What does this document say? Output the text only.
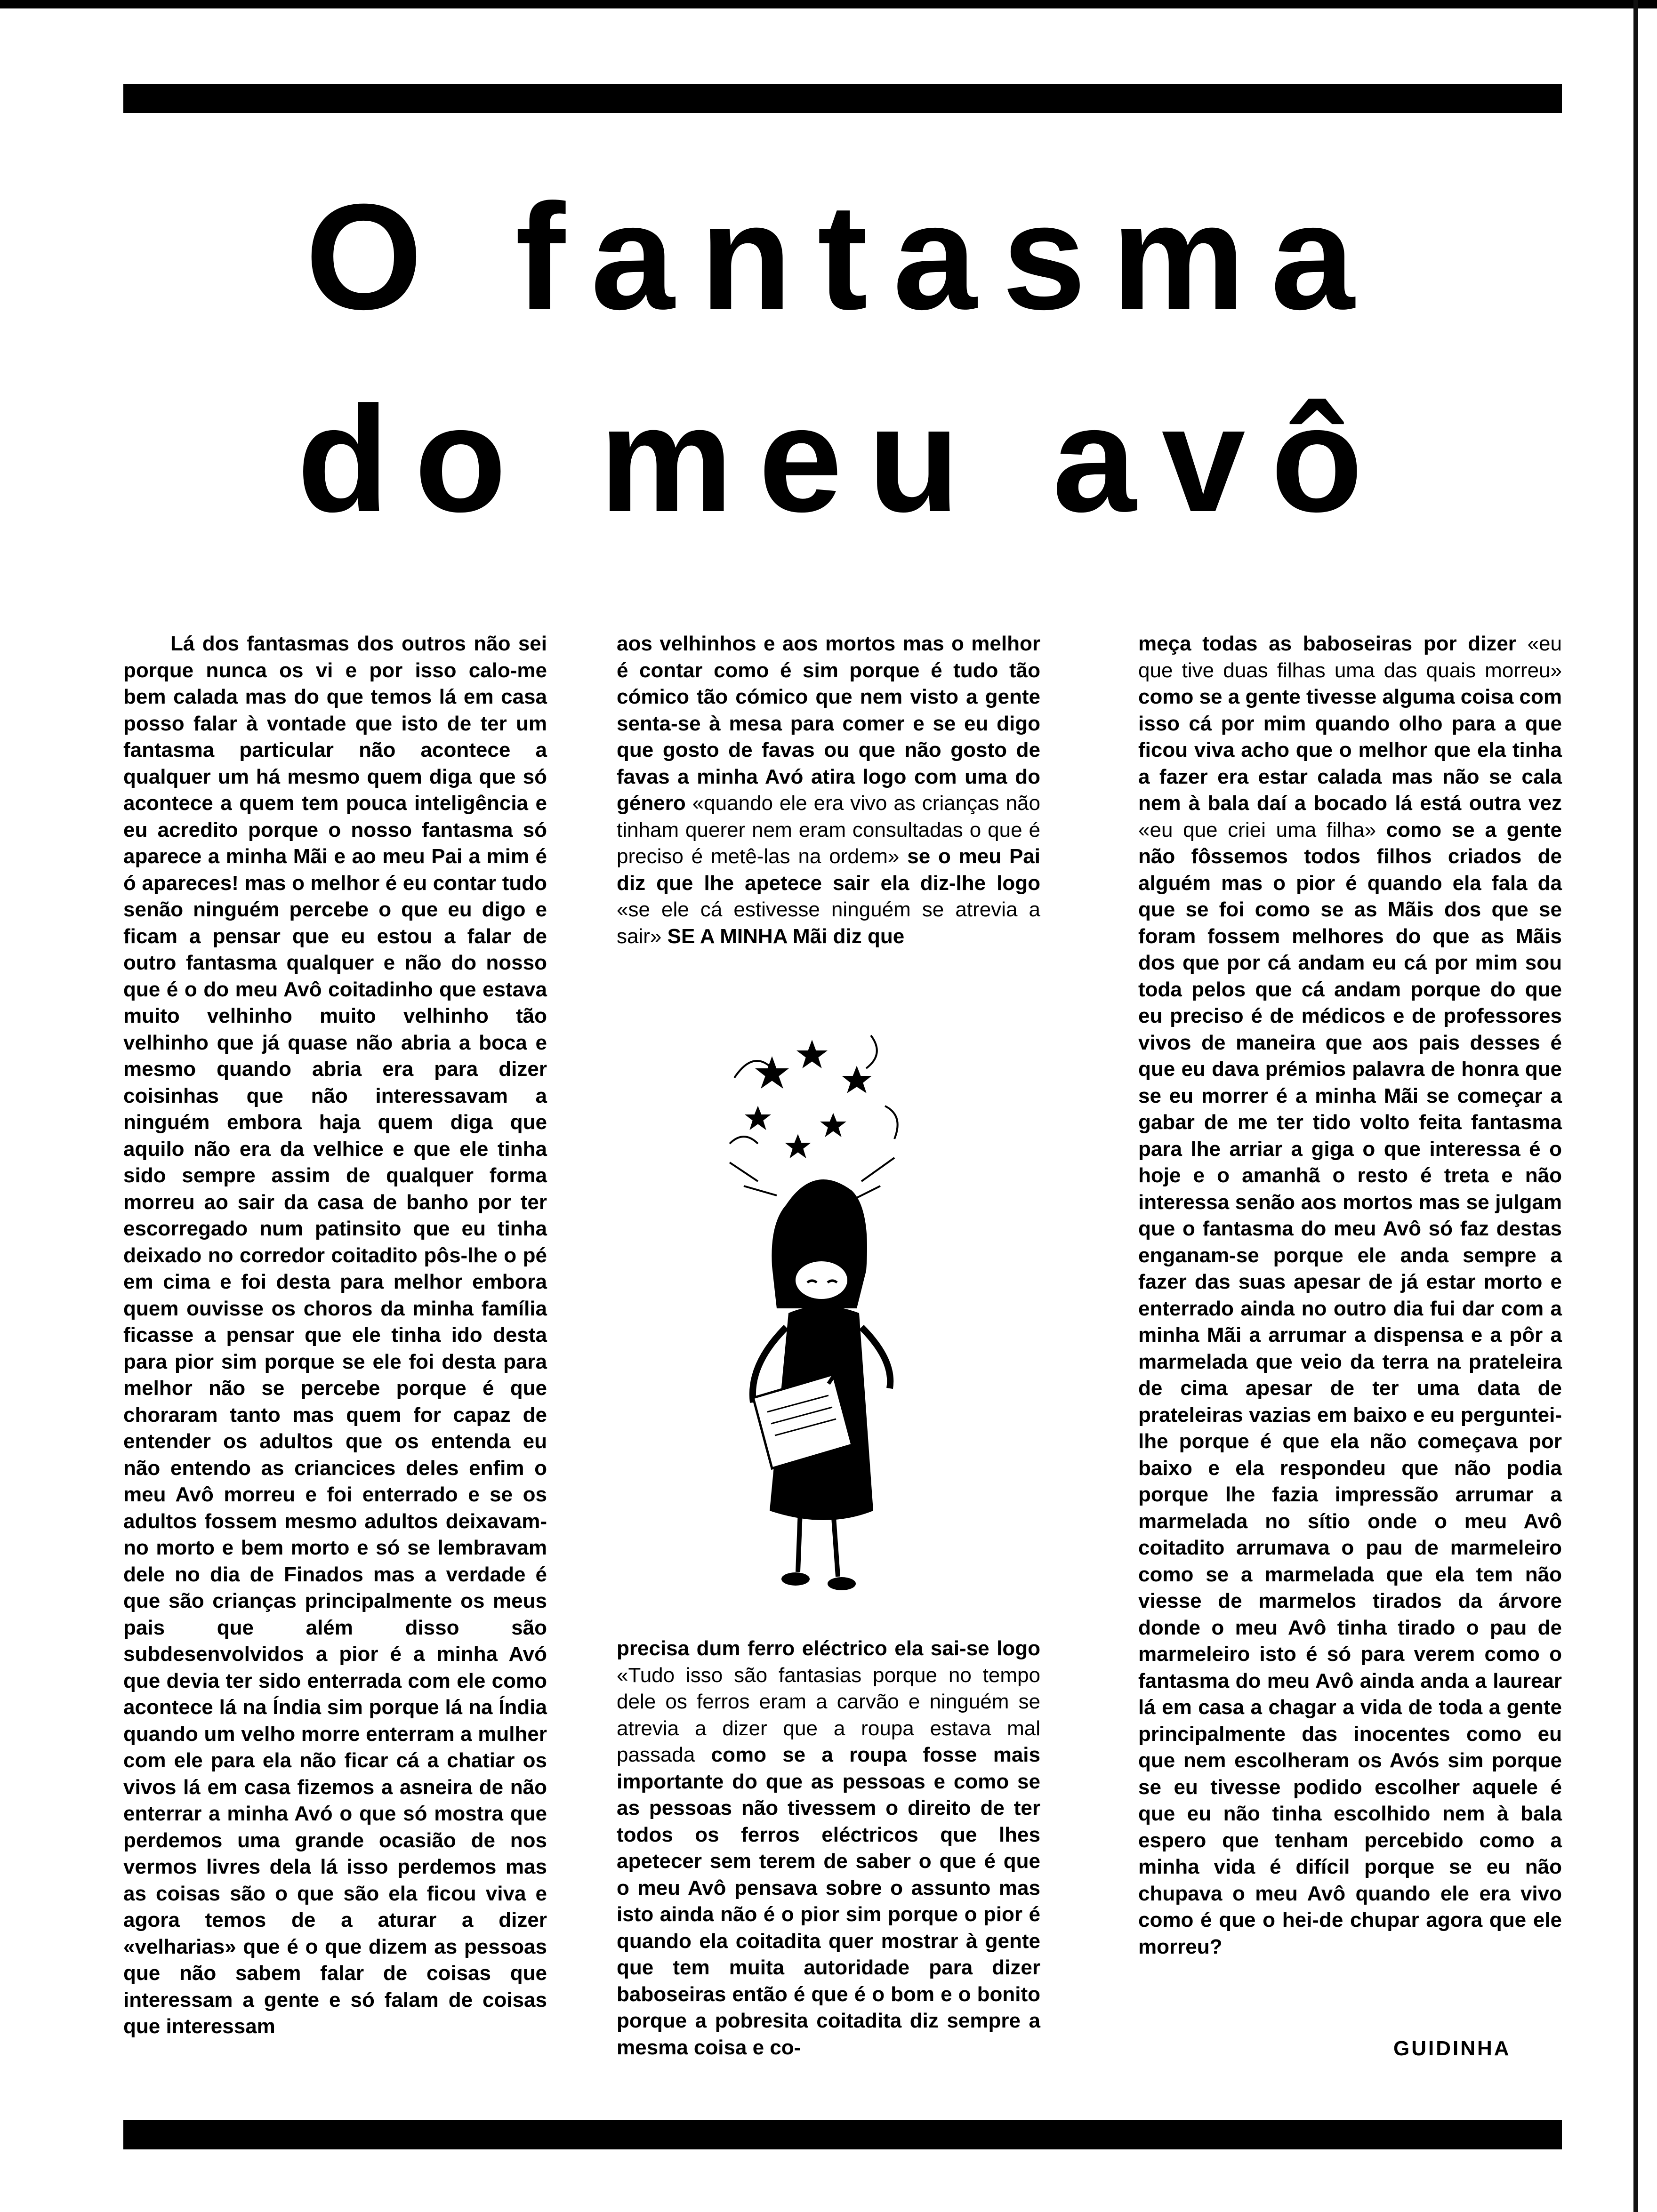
O fantasma
do meu avô

Lá dos fantasmas dos outros não sei porque nunca os vi e por isso calo-me bem calada mas do que temos lá em casa posso falar à vontade que isto de ter um fantasma particular não acontece a qualquer um há mesmo quem diga que só acontece a quem tem pouca inteligência e eu acredito porque o nosso fantasma só aparece a minha Mãi e ao meu Pai a mim é ó apareces! mas o melhor é eu contar tudo senão ninguém percebe o que eu digo e ficam a pensar que eu estou a falar de outro fantasma qualquer e não do nosso que é o do meu Avô coitadinho que estava muito velhinho muito velhinho tão velhinho que já quase não abria a boca e mesmo quando abria era para dizer coisinhas que não interessavam a ninguém embora haja quem diga que aquilo não era da velhice e que ele tinha sido sempre assim de qualquer forma morreu ao sair da casa de banho por ter escorregado num patinsito que eu tinha deixado no corredor coitadito pôs-lhe o pé em cima e foi desta para melhor embora quem ouvisse os choros da minha família ficasse a pensar que ele tinha ido desta para pior sim porque se ele foi desta para melhor não se percebe porque é que choraram tanto mas quem for capaz de entender os adultos que os entenda eu não entendo as criancices deles enfim o meu Avô morreu e foi enterrado e se os adultos fossem mesmo adultos deixavam-no morto e bem morto e só se lembravam dele no dia de Finados mas a verdade é que são crianças principalmente os meus pais que além disso são subdesenvolvidos a pior é a minha Avó que devia ter sido enterrada com ele como acontece lá na Índia sim porque lá na Índia quando um velho morre enterram a mulher com ele para ela não ficar cá a chatiar os vivos lá em casa fizemos a asneira de não enterrar a minha Avó o que só mostra que perdemos uma grande ocasião de nos vermos livres dela lá isso perdemos mas as coisas são o que são ela ficou viva e agora temos de a aturar a dizer «velharias» que é o que dizem as pessoas que não sabem falar de coisas que interessam a gente e só falam de coisas que interessam

aos velhinhos e aos mortos mas o melhor é contar como é sim porque é tudo tão cómico tão cómico que nem visto a gente senta-se à mesa para comer e se eu digo que gosto de favas ou que não gosto de favas a minha Avó atira logo com uma do género «quando ele era vivo as crianças não tinham querer nem eram consultadas o que é preciso é metê-las na ordem» se o meu Pai diz que lhe apetece sair ela diz-lhe logo «se ele cá estivesse ninguém se atrevia a sair» SE A MINHA Mãi diz que

precisa dum ferro eléctrico ela sai-se logo «Tudo isso são fantasias porque no tempo dele os ferros eram a carvão e ninguém se atrevia a dizer que a roupa estava mal passada como se a roupa fosse mais importante do que as pessoas e como se as pessoas não tivessem o direito de ter todos os ferros eléctricos que lhes apetecer sem terem de saber o que é que o meu Avô pensava sobre o assunto mas isto ainda não é o pior sim porque o pior é quando ela coitadita quer mostrar à gente que tem muita autoridade para dizer baboseiras então é que é o bom e o bonito porque a pobresita coitadita diz sempre a mesma coisa e co-

meça todas as baboseiras por dizer «eu que tive duas filhas uma das quais morreu» como se a gente tivesse alguma coisa com isso cá por mim quando olho para a que ficou viva acho que o melhor que ela tinha a fazer era estar calada mas não se cala nem à bala daí a bocado lá está outra vez «eu que criei uma filha» como se a gente não fôssemos todos filhos criados de alguém mas o pior é quando ela fala da que se foi como se as Mãis dos que se foram fossem melhores do que as Mãis dos que por cá andam eu cá por mim sou toda pelos que cá andam porque do que eu preciso é de médicos e de professores vivos de maneira que aos pais desses é que eu dava prémios palavra de honra que se eu morrer é a minha Mãi se começar a gabar de me ter tido volto feita fantasma para lhe arriar a giga o que interessa é o hoje e o amanhã o resto é treta e não interessa senão aos mortos mas se julgam que o fantasma do meu Avô só faz destas enganam-se porque ele anda sempre a fazer das suas apesar de já estar morto e enterrado ainda no outro dia fui dar com a minha Mãi a arrumar a dispensa e a pôr a marmelada que veio da terra na prateleira de cima apesar de ter uma data de prateleiras vazias em baixo e eu perguntei-lhe porque é que ela não começava por baixo e ela respondeu que não podia porque lhe fazia impressão arrumar a marmelada no sítio onde o meu Avô coitadito arrumava o pau de marmeleiro como se a marmelada que ela tem não viesse de marmelos tirados da árvore donde o meu Avô tinha tirado o pau de marmeleiro isto é só para verem como o fantasma do meu Avô ainda anda a laurear lá em casa a chagar a vida de toda a gente principalmente das inocentes como eu que nem escolheram os Avós sim porque se eu tivesse podido escolher aquele é que eu não tinha escolhido nem à bala espero que tenham percebido como a minha vida é difícil porque se eu não chupava o meu Avô quando ele era vivo como é que o hei-de chupar agora que ele morreu?

GUIDINHA
